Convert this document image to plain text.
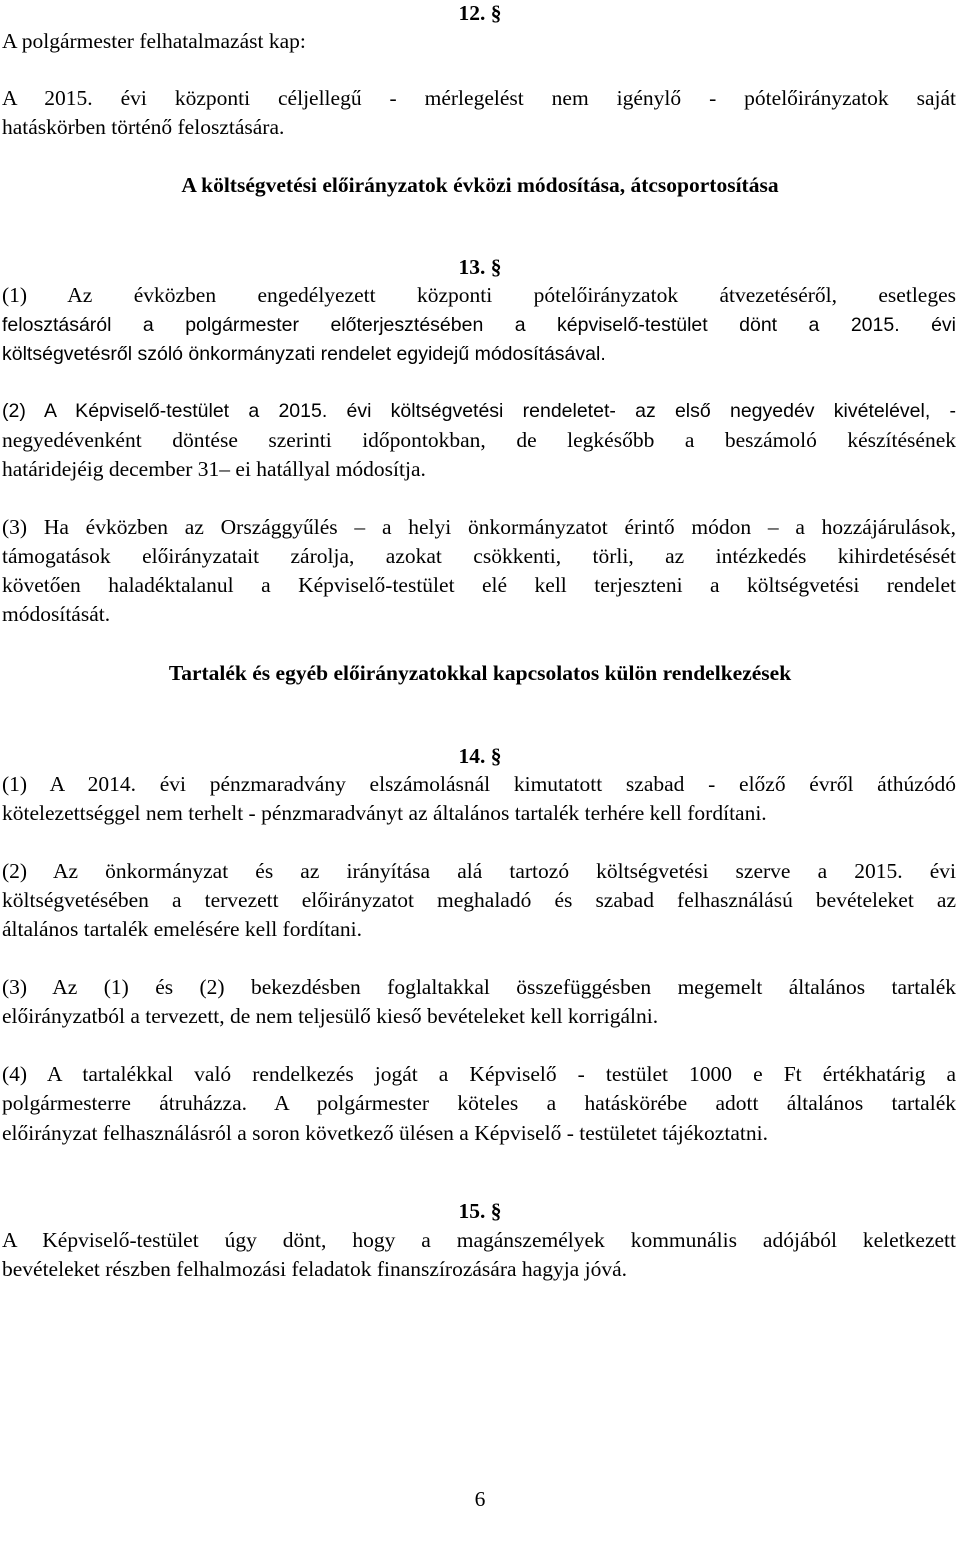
A polgármester felhatalmazást kap:
12. §
A 2015. évi központi céljellegű - mérlegelést nem igénylő - pótelőirányzatok saját
hatáskörben történő felosztására.
A költségvetési előirányzatok évközi módosítása, átcsoportosítása
13. §
(1) Az évközben engedélyezett központi pótelőirányzatok átvezetéséről, esetleges
felosztásáról a polgármester előterjesztésében a képviselő-testület dönt a 2015. évi
költségvetésről szóló önkormányzati rendelet egyidejű módosításával.
(2) A Képviselő-testület a 2015. évi költségvetési rendeletet- az első negyedév kivételével, -
negyedévenként döntése szerinti időpontokban, de legkésőbb a beszámoló készítésének
határidejéig december 31– ei hatállyal módosítja.
(3) Ha évközben az Országgyűlés – a helyi önkormányzatot érintő módon – a hozzájárulások,
támogatások előirányzatait zárolja, azokat csökkenti, törli, az intézkedés kihirdetésését
követően haladéktalanul a Képviselő-testület elé kell terjeszteni a költségvetési rendelet
módosítását.
Tartalék és egyéb előirányzatokkal kapcsolatos külön rendelkezések
14. §
(1) A 2014. évi pénzmaradvány elszámolásnál kimutatott szabad - előző évről áthúzódó
kötelezettséggel nem terhelt - pénzmaradványt az általános tartalék terhére kell fordítani.
(2) Az önkormányzat és az irányítása alá tartozó költségvetési szerve a 2015. évi
költségvetésében a tervezett előirányzatot meghaladó és szabad felhasználású bevételeket az
általános tartalék emelésére kell fordítani.
(3) Az (1) és (2) bekezdésben foglaltakkal összefüggésben megemelt általános tartalék
előirányzatból a tervezett, de nem teljesülő kieső bevételeket kell korrigálni.
(4) A tartalékkal való rendelkezés jogát a Képviselő - testület 1000 e Ft értékhatárig a
polgármesterre átruházza. A polgármester köteles a hatáskörébe adott általános tartalék
előirányzat felhasználásról a soron következő ülésen a Képviselő - testületet tájékoztatni.
15. §
A Képviselő-testület úgy dönt, hogy a magánszemélyek kommunális adójából keletkezett
bevételeket részben felhalmozási feladatok finanszírozására hagyja jóvá.
6
